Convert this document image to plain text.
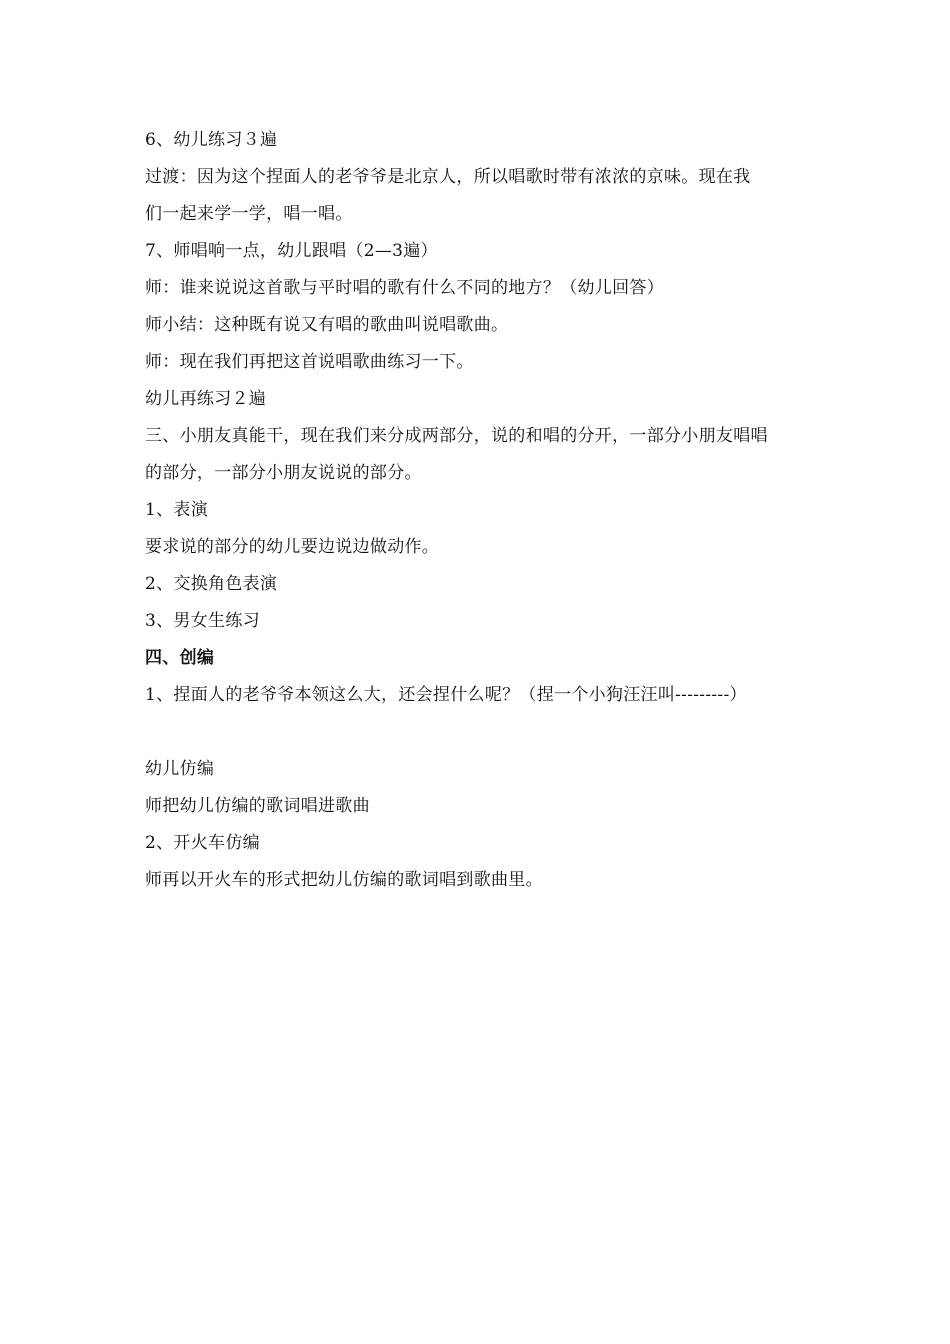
6、幼儿练习３遍
过渡：因为这个捏面人的老爷爷是北京人，所以唱歌时带有浓浓的京味。现在我
们一起来学一学，唱一唱。
7、师唱响一点，幼儿跟唱（2—3遍）
师：谁来说说这首歌与平时唱的歌有什么不同的地方？（幼儿回答）
师小结：这种既有说又有唱的歌曲叫说唱歌曲。
师：现在我们再把这首说唱歌曲练习一下。
幼儿再练习２遍
三、小朋友真能干，现在我们来分成两部分，说的和唱的分开，一部分小朋友唱唱
的部分，一部分小朋友说说的部分。
1、表演
要求说的部分的幼儿要边说边做动作。
2、交换角色表演
3、男女生练习
四、创编
1、捏面人的老爷爷本领这么大，还会捏什么呢？（捏一个小狗汪汪叫---------）
幼儿仿编
师把幼儿仿编的歌词唱进歌曲
2、开火车仿编
师再以开火车的形式把幼儿仿编的歌词唱到歌曲里。
